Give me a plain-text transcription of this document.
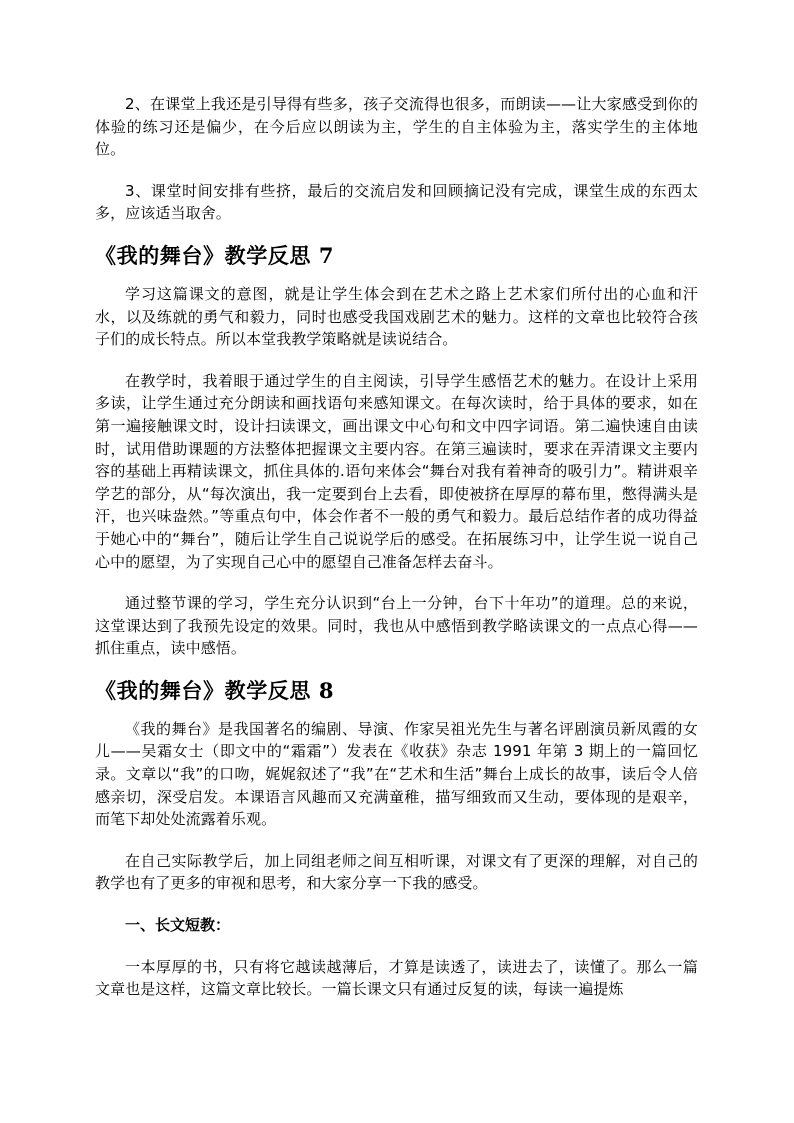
2、在课堂上我还是引导得有些多，孩子交流得也很多，而朗读——让大家感受到你的体验的练习还是偏少，在今后应以朗读为主，学生的自主体验为主，落实学生的主体地位。

3、课堂时间安排有些挤，最后的交流启发和回顾摘记没有完成，课堂生成的东西太多，应该适当取舍。

《我的舞台》教学反思 7

学习这篇课文的意图，就是让学生体会到在艺术之路上艺术家们所付出的心血和汗水，以及练就的勇气和毅力，同时也感受我国戏剧艺术的魅力。这样的文章也比较符合孩子们的成长特点。所以本堂我教学策略就是读说结合。

在教学时，我着眼于通过学生的自主阅读，引导学生感悟艺术的魅力。在设计上采用多读，让学生通过充分朗读和画找语句来感知课文。在每次读时，给于具体的要求，如在第一遍接触课文时，设计扫读课文，画出课文中心句和文中四字词语。第二遍快速自由读时，试用借助课题的方法整体把握课文主要内容。在第三遍读时，要求在弄清课文主要内容的基础上再精读课文，抓住具体的.语句来体会“舞台对我有着神奇的吸引力”。精讲艰辛学艺的部分，从“每次演出，我一定要到台上去看，即使被挤在厚厚的幕布里，憋得满头是汗，也兴味盎然。”等重点句中，体会作者不一般的勇气和毅力。最后总结作者的成功得益于她心中的“舞台”，随后让学生自己说说学后的感受。在拓展练习中，让学生说一说自己心中的愿望，为了实现自己心中的愿望自己准备怎样去奋斗。

通过整节课的学习，学生充分认识到“台上一分钟，台下十年功”的道理。总的来说，这堂课达到了我预先设定的效果。同时，我也从中感悟到教学略读课文的一点点心得——抓住重点，读中感悟。

《我的舞台》教学反思 8

《我的舞台》是我国著名的编剧、导演、作家吴祖光先生与著名评剧演员新凤霞的女儿——吴霜女士（即文中的“霜霜”）发表在《收获》杂志 1991 年第 3 期上的一篇回忆录。文章以“我”的口吻，娓娓叙述了“我”在“艺术和生活”舞台上成长的故事，读后令人倍感亲切，深受启发。本课语言风趣而又充满童稚，描写细致而又生动，要体现的是艰辛，而笔下却处处流露着乐观。

在自己实际教学后，加上同组老师之间互相听课，对课文有了更深的理解，对自己的教学也有了更多的审视和思考，和大家分享一下我的感受。

一、长文短教：

一本厚厚的书，只有将它越读越薄后，才算是读透了，读进去了，读懂了。那么一篇文章也是这样，这篇文章比较长。一篇长课文只有通过反复的读，每读一遍提炼
